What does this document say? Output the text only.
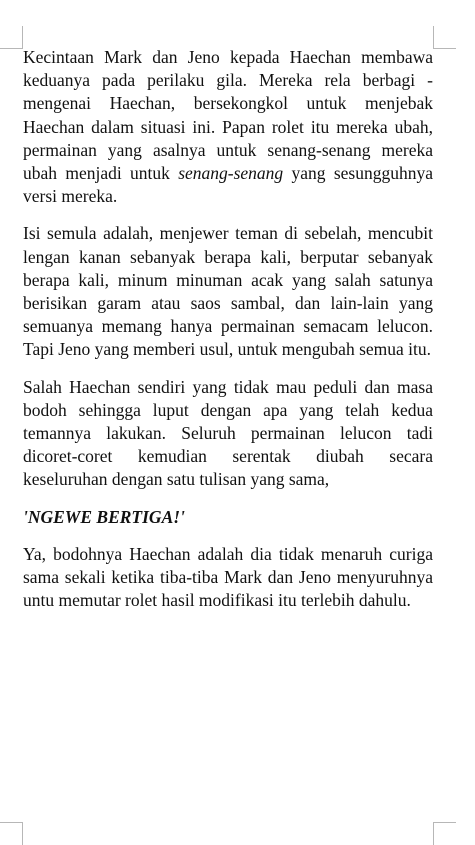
Kecintaan Mark dan Jeno kepada Haechan membawa keduanya pada perilaku gila. Mereka rela berbagi -mengenai Haechan, bersekongkol untuk menjebak Haechan dalam situasi ini. Papan rolet itu mereka ubah, permainan yang asalnya untuk senang-senang mereka ubah menjadi untuk senang-senang yang sesungguhnya versi mereka.

Isi semula adalah, menjewer teman di sebelah, mencubit lengan kanan sebanyak berapa kali, berputar sebanyak berapa kali, minum minuman acak yang salah satunya berisikan garam atau saos sambal, dan lain-lain yang semuanya memang hanya permainan semacam lelucon. Tapi Jeno yang memberi usul, untuk mengubah semua itu.

Salah Haechan sendiri yang tidak mau peduli dan masa bodoh sehingga luput dengan apa yang telah kedua temannya lakukan. Seluruh permainan lelucon tadi dicoret-coret kemudian serentak diubah secara keseluruhan dengan satu tulisan yang sama,

'NGEWE BERTIGA!'

Ya, bodohnya Haechan adalah dia tidak menaruh curiga sama sekali ketika tiba-tiba Mark dan Jeno menyuruhnya untu memutar rolet hasil modifikasi itu terlebih dahulu.
